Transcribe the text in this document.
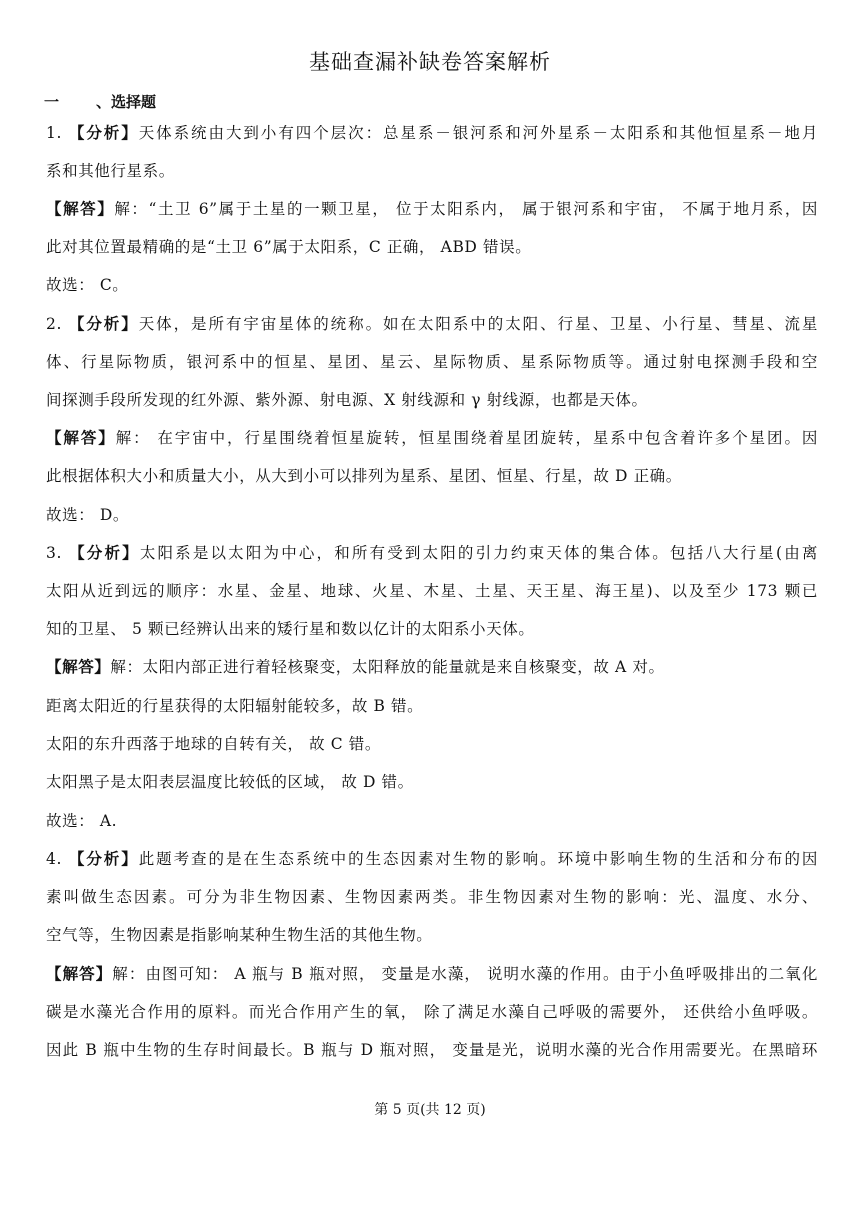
基础查漏补缺卷答案解析
一 、选择题
1. 【分析】天体系统由大到小有四个层次：总星系－银河系和河外星系－太阳系和其他恒星系－地月
系和其他行星系。
【解答】解：“土卫 6”属于土星的一颗卫星， 位于太阳系内， 属于银河系和宇宙， 不属于地月系，因
此对其位置最精确的是“土卫 6”属于太阳系，C 正确， ABD 错误。
故选： C。
2. 【分析】天体，是所有宇宙星体的统称。如在太阳系中的太阳、行星、卫星、小行星、彗星、流星
体、行星际物质，银河系中的恒星、星团、星云、星际物质、星系际物质等。通过射电探测手段和空
间探测手段所发现的红外源、紫外源、射电源、X 射线源和 γ 射线源，也都是天体。
【解答】解： 在宇宙中，行星围绕着恒星旋转，恒星围绕着星团旋转，星系中包含着许多个星团。因
此根据体积大小和质量大小，从大到小可以排列为星系、星团、恒星、行星，故 D 正确。
故选： D。
3. 【分析】太阳系是以太阳为中心，和所有受到太阳的引力约束天体的集合体。包括八大行星(由离
太阳从近到远的顺序：水星、金星、地球、火星、木星、土星、天王星、海王星)、以及至少 173 颗已
知的卫星、 5 颗已经辨认出来的矮行星和数以亿计的太阳系小天体。
【解答】解：太阳内部正进行着轻核聚变，太阳释放的能量就是来自核聚变，故 A 对。
距离太阳近的行星获得的太阳辐射能较多，故 B 错。
太阳的东升西落于地球的自转有关， 故 C 错。
太阳黑子是太阳表层温度比较低的区域， 故 D 错。
故选： A.
4. 【分析】此题考查的是在生态系统中的生态因素对生物的影响。环境中影响生物的生活和分布的因
素叫做生态因素。可分为非生物因素、生物因素两类。非生物因素对生物的影响：光、温度、水分、
空气等，生物因素是指影响某种生物生活的其他生物。
【解答】解：由图可知： A 瓶与 B 瓶对照， 变量是水藻， 说明水藻的作用。由于小鱼呼吸排出的二氧化
碳是水藻光合作用的原料。而光合作用产生的氧， 除了满足水藻自己呼吸的需要外， 还供给小鱼呼吸。
因此 B 瓶中生物的生存时间最长。B 瓶与 D 瓶对照， 变量是光，说明水藻的光合作用需要光。在黑暗环
第 5 页(共 12 页)
